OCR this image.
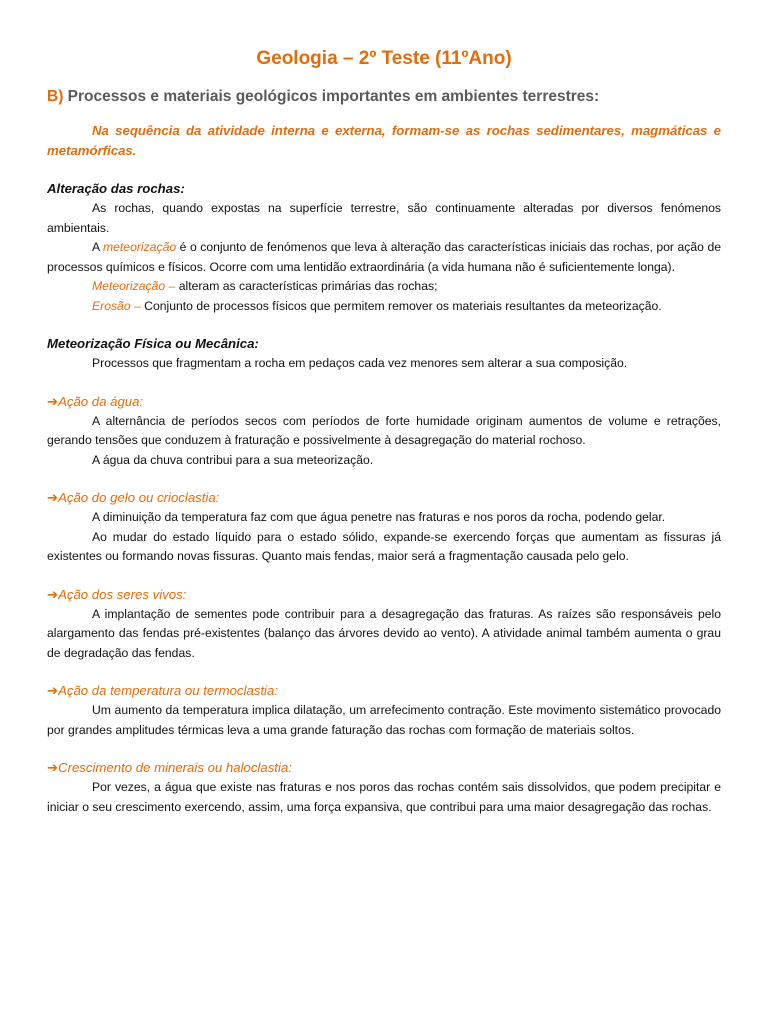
Geologia – 2º Teste (11ºAno)
B) Processos e materiais geológicos importantes em ambientes terrestres:

Na sequência da atividade interna e externa, formam-se as rochas sedimentares, magmáticas e metamórficas.

Alteração das rochas:

As rochas, quando expostas na superfície terrestre, são continuamente alteradas por diversos fenómenos ambientais.

A meteorização é o conjunto de fenómenos que leva à alteração das características iniciais das rochas, por ação de processos químicos e físicos. Ocorre com uma lentidão extraordinária (a vida humana não é suficientemente longa).

Meteorização – alteram as características primárias das rochas;

Erosão – Conjunto de processos físicos que permitem remover os materiais resultantes da meteorização.

Meteorização Física ou Mecânica:

Processos que fragmentam a rocha em pedaços cada vez menores sem alterar a sua composição.

➔Ação da água:

A alternância de períodos secos com períodos de forte humidade originam aumentos de volume e retrações, gerando tensões que conduzem à fraturação e possivelmente à desagregação do material rochoso.

A água da chuva contribui para a sua meteorização.

➔Ação do gelo ou crioclastia:

A diminuição da temperatura faz com que água penetre nas fraturas e nos poros da rocha, podendo gelar.

Ao mudar do estado líquido para o estado sólido, expande-se exercendo forças que aumentam as fissuras já existentes ou formando novas fissuras. Quanto mais fendas, maior será a fragmentação causada pelo gelo.

➔Ação dos seres vivos:

A implantação de sementes pode contribuir para a desagregação das fraturas. As raízes são responsáveis pelo alargamento das fendas pré-existentes (balanço das árvores devido ao vento). A atividade animal também aumenta o grau de degradação das fendas.

➔Ação da temperatura ou termoclastia:

Um aumento da temperatura implica dilatação, um arrefecimento contração. Este movimento sistemático provocado por grandes amplitudes térmicas leva a uma grande faturação das rochas com formação de materiais soltos.

➔Crescimento de minerais ou haloclastia:

Por vezes, a água que existe nas fraturas e nos poros das rochas contém sais dissolvidos, que podem precipitar e iniciar o seu crescimento exercendo, assim, uma força expansiva, que contribui para uma maior desagregação das rochas.
